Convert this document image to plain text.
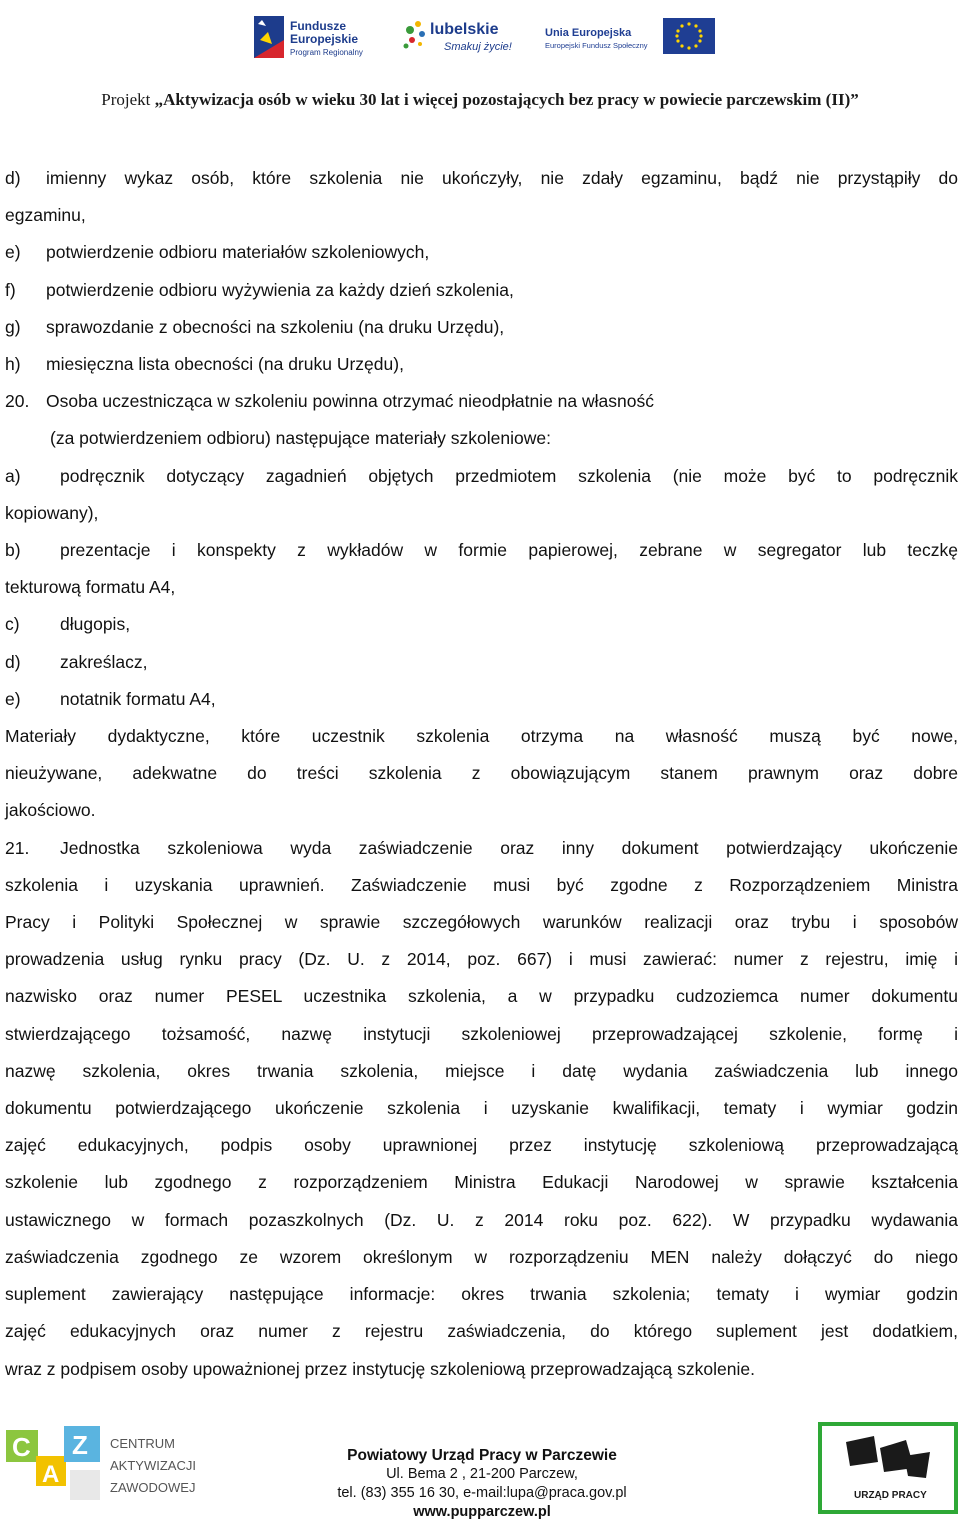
Fundusze
Europejskie
Program Regionalny
lubelskie
Smakuj życie!
Unia Europejska
Europejski Fundusz Społeczny
Projekt „Aktywizacja osób w wieku 30 lat i więcej pozostających bez pracy w powiecie parczewskim (II)”
d) imienny wykaz osób, które szkolenia nie ukończyły, nie zdały egzaminu, bądź nie przystąpiły do
egzaminu,
e) potwierdzenie odbioru materiałów szkoleniowych,
f) potwierdzenie odbioru wyżywienia za każdy dzień szkolenia,
g) sprawozdanie z obecności na szkoleniu (na druku Urzędu),
h) miesięczna lista obecności (na druku Urzędu),
20. Osoba uczestnicząca w szkoleniu powinna otrzymać nieodpłatnie na własność
(za potwierdzeniem odbioru) następujące materiały szkoleniowe:
a) podręcznik dotyczący zagadnień objętych przedmiotem szkolenia (nie może być to podręcznik
kopiowany),
b) prezentacje i konspekty z wykładów w formie papierowej, zebrane w segregator lub teczkę
tekturową formatu A4,
c) długopis,
d) zakreślacz,
e) notatnik formatu A4,
Materiały dydaktyczne, które uczestnik szkolenia otrzyma na własność muszą być nowe,
nieużywane, adekwatne do treści szkolenia z obowiązującym stanem prawnym oraz dobre
jakościowo.
21. Jednostka szkoleniowa wyda zaświadczenie oraz inny dokument potwierdzający ukończenie
szkolenia i uzyskania uprawnień. Zaświadczenie musi być zgodne z Rozporządzeniem Ministra
Pracy i Polityki Społecznej w sprawie szczegółowych warunków realizacji oraz trybu i sposobów
prowadzenia usług rynku pracy (Dz. U. z 2014, poz. 667) i musi zawierać: numer z rejestru, imię i
nazwisko oraz numer PESEL uczestnika szkolenia, a w przypadku cudzoziemca numer dokumentu
stwierdzającego tożsamość, nazwę instytucji szkoleniowej przeprowadzającej szkolenie, formę i
nazwę szkolenia, okres trwania szkolenia, miejsce i datę wydania zaświadczenia lub innego
dokumentu potwierdzającego ukończenie szkolenia i uzyskanie kwalifikacji, tematy i wymiar godzin
zajęć edukacyjnych, podpis osoby uprawnionej przez instytucję szkoleniową przeprowadzającą
szkolenie lub zgodnego z rozporządzeniem Ministra Edukacji Narodowej w sprawie kształcenia
ustawicznego w formach pozaszkolnych (Dz. U. z 2014 roku poz. 622). W przypadku wydawania
zaświadczenia zgodnego ze wzorem określonym w rozporządzeniu MEN należy dołączyć do niego
suplement zawierający następujące informacje: okres trwania szkolenia; tematy i wymiar godzin
zajęć edukacyjnych oraz numer z rejestru zaświadczenia, do którego suplement jest dodatkiem,
wraz z podpisem osoby upoważnionej przez instytucję szkoleniową przeprowadzającą szkolenie.
C
A
Z CENTRUM
AKTYWIZACJI
ZAWODOWEJ
Powiatowy Urząd Pracy w Parczewie
Ul. Bema 2 , 21-200 Parczew,
tel. (83) 355 16 30, e-mail:lupa@praca.gov.pl
www.pupparczew.pl
URZĄD PRACY
